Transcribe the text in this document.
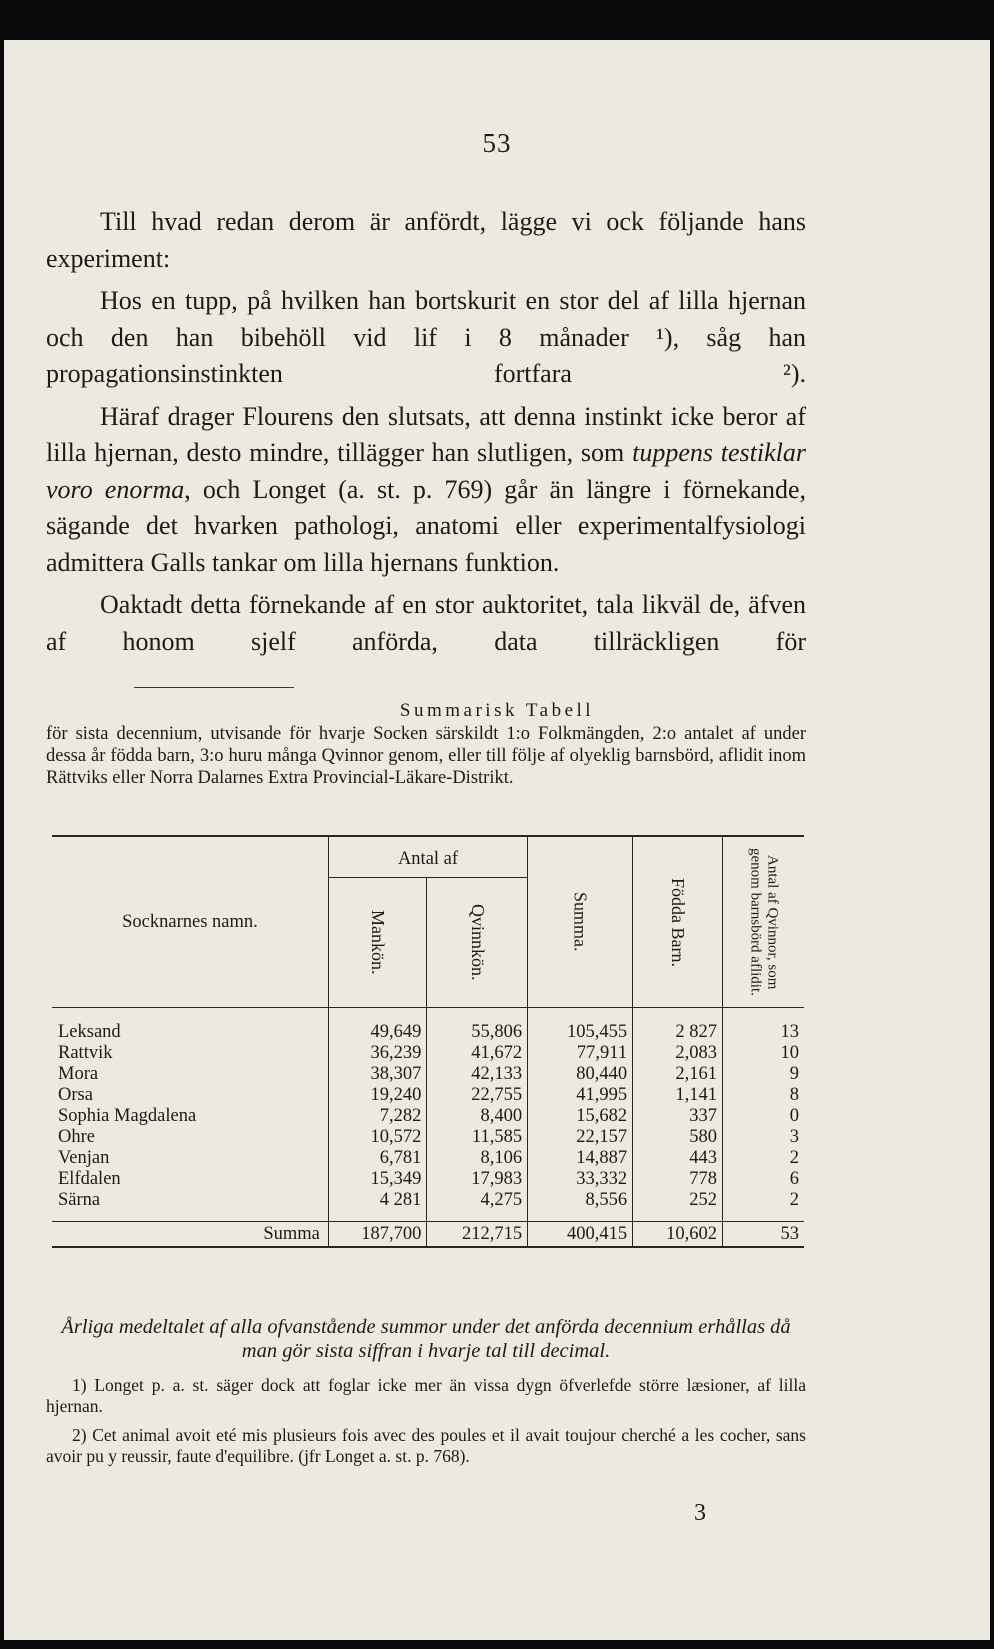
53

Till hvad redan derom är anfördt, lägge vi ock följande hans experiment:

Hos en tupp, på hvilken han bortskurit en stor del af lilla hjernan och den han bibehöll vid lif i 8 månader ¹), såg han propagationsinstinkten fortfara ²).

Häraf drager Flourens den slutsats, att denna instinkt icke beror af lilla hjernan, desto mindre, tillägger han slutligen, som tuppens testiklar voro enorma, och Longet (a. st. p. 769) går än längre i förnekande, sägande det hvarken pathologi, anatomi eller experimentalfysiologi admittera Galls tankar om lilla hjernans funktion.

Oaktadt detta förnekande af en stor auktoritet, tala likväl de, äfven af honom sjelf anförda, data tillräckligen för

Summarisk Tabell
för sista decennium, utvisande för hvarje Socken särskildt 1:o Folkmängden, 2:o antalet af under dessa år födda barn, 3:o huru många Qvinnor genom, eller till följe af olyeklig barnsbörd, aflidit inom Rättviks eller Norra Dalarnes Extra Provincial-Läkare-Distrikt.
Socknarnes namn.	Antal af		Summa.	Födda Barn.	Antal af Qvinnor, som genom barnsbörd aflidit.

	Mankön.	Qvinnkön.			

Leksand	49,649	55,806	105,455	2 827	13
Rattvik	36,239	41,672	77,911	2,083	10
Mora	38,307	42,133	80,440	2,161	9
Orsa	19,240	22,755	41,995	1,141	8
Sophia Magdalena	7,282	8,400	15,682	337	0
Ohre	10,572	11,585	22,157	580	3
Venjan	6,781	8,106	14,887	443	2
Elfdalen	15,349	17,983	33,332	778	6
Särna	4 281	4,275	8,556	252	2
Summa	187,700	212,715	400,415	10,602	53
Årliga medeltalet af alla ofvanstående summor under det anförda decennium erhållas då man gör sista siffran i hvarje tal till decimal.

1) Longet p. a. st. säger dock att foglar icke mer än vissa dygn öfverlefde större læsioner, af lilla hjernan.

2) Cet animal avoit eté mis plusieurs fois avec des poules et il avait toujour cherché a les cocher, sans avoir pu y reussir, faute d'equilibre. (jfr Longet a. st. p. 768).

3
